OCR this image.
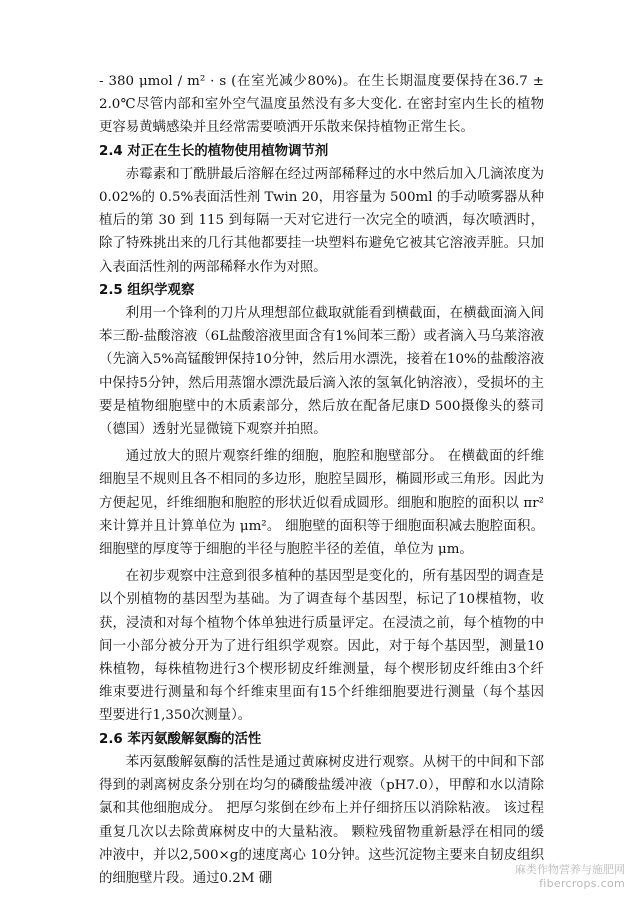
- 380 μmol / m² · s (在室光减少80%)。在生长期温度要保持在36.7 ± 2.0℃尽管内部和室外空气温度虽然没有多大变化. 在密封室内生长的植物更容易黄螨感染并且经常需要喷洒开乐散来保持植物正常生长。

2.4 对正在生长的植物使用植物调节剂

赤霉素和丁酰肼最后溶解在经过两部稀释过的水中然后加入几滴浓度为0.02%的 0.5%表面活性剂 Twin 20，用容量为 500ml 的手动喷雾器从种植后的第 30 到 115 到每隔一天对它进行一次完全的喷洒，每次喷洒时，除了特殊挑出来的几行其他都要挂一块塑料布避免它被其它溶液弄脏。只加入表面活性剂的两部稀释水作为对照。

2.5 组织学观察

利用一个锋利的刀片从理想部位截取就能看到横截面，在横截面滴入间苯三酚-盐酸溶液（6L盐酸溶液里面含有1%间苯三酚）或者滴入马乌莱溶液（先滴入5%高锰酸钾保持10分钟，然后用水漂洗，接着在10%的盐酸溶液中保持5分钟，然后用蒸馏水漂洗最后滴入浓的氢氧化钠溶液），受损坏的主要是植物细胞壁中的木质素部分，然后放在配备尼康D 500摄像头的蔡司 （德国）透射光显微镜下观察并拍照。

通过放大的照片观察纤维的细胞，胞腔和胞壁部分。 在横截面的纤维细胞呈不规则且各不相同的多边形，胞腔呈圆形，椭圆形或三角形。因此为方便起见，纤维细胞和胞腔的形状近似看成圆形。细胞和胞腔的面积以 πr² 来计算并且计算单位为 μm²。 细胞壁的面积等于细胞面积减去胞腔面积。 细胞壁的厚度等于细胞的半径与胞腔半径的差值，单位为 μm。

在初步观察中注意到很多植种的基因型是变化的，所有基因型的调查是以个别植物的基因型为基础。为了调查每个基因型，标记了10棵植物，收获，浸渍和对每个植物个体单独进行质量评定。在浸渍之前，每个植物的中间一小部分被分开为了进行组织学观察。因此，对于每个基因型，测量10株植物，每株植物进行3个楔形韧皮纤维测量，每个楔形韧皮纤维由3个纤维束要进行测量和每个纤维束里面有15个纤维细胞要进行测量（每个基因型要进行1,350次测量）。

2.6 苯丙氨酸解氨酶的活性

苯丙氨酸解氨酶的活性是通过黄麻树皮进行观察。从树干的中间和下部得到的剥离树皮条分别在均匀的磷酸盐缓冲液（pH7.0），甲醇和水以清除氯和其他细胞成分。 把厚匀浆倒在纱布上并仔细挤压以消除粘液。 该过程重复几次以去除黄麻树皮中的大量粘液。 颗粒残留物重新悬浮在相同的缓冲液中，并以2,500×g的速度离心 10分钟。这些沉淀物主要来自韧皮组织的细胞壁片段。通过0.2M 硼

麻类作物营养与施肥网
fibercrops.com
